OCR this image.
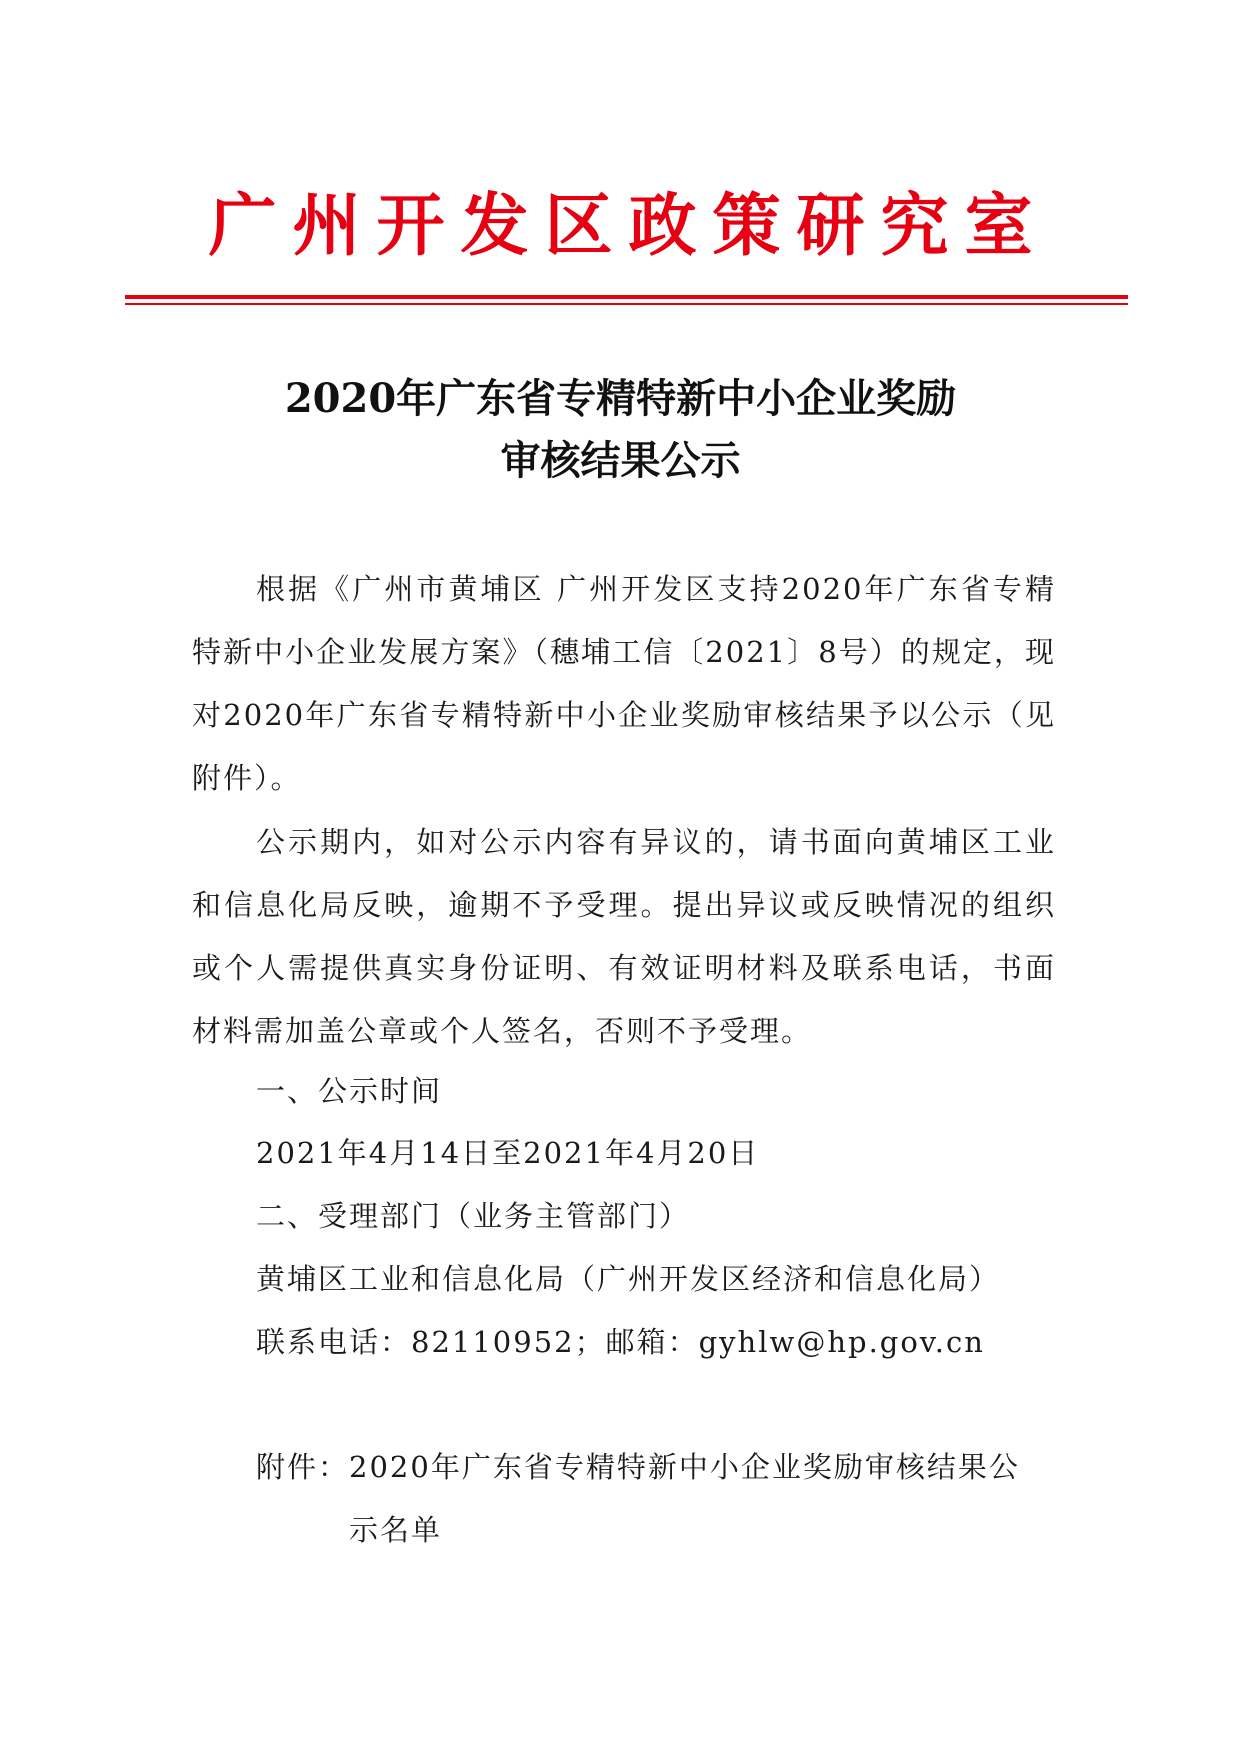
广州开发区政策研究室
2020年广东省专精特新中小企业奖励
审核结果公示
根据《广州市黄埔区 广州开发区支持2020年广东省专精特新中小企业发展方案》（穗埔工信〔2021〕8号）的规定，现对2020年广东省专精特新中小企业奖励审核结果予以公示（见附件）。
公示期内，如对公示内容有异议的，请书面向黄埔区工业和信息化局反映，逾期不予受理。提出异议或反映情况的组织或个人需提供真实身份证明、有效证明材料及联系电话，书面材料需加盖公章或个人签名，否则不予受理。
一、公示时间
2021年4月14日至2021年4月20日
二、受理部门（业务主管部门）
黄埔区工业和信息化局（广州开发区经济和信息化局）
联系电话：82110952；邮箱：gyhlw@hp.gov.cn
附件：2020年广东省专精特新中小企业奖励审核结果公示名单
